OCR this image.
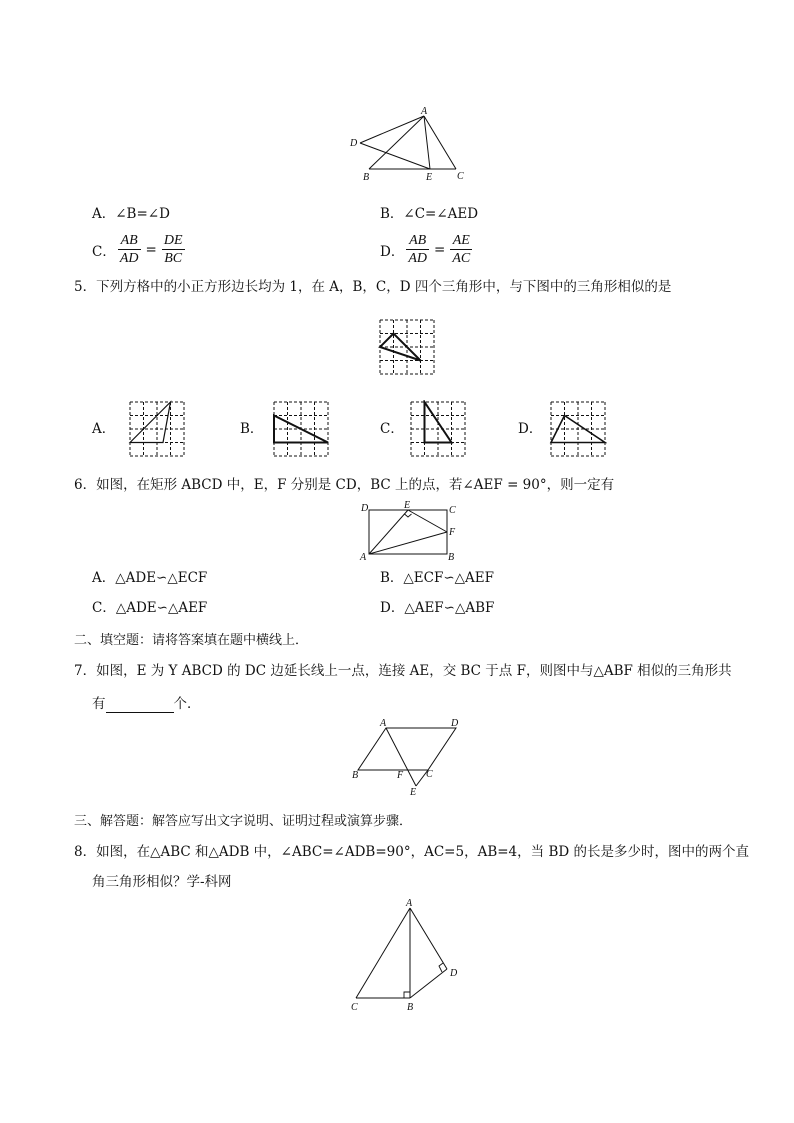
A
D
B	E C
A．∠B=∠D	B．∠C=∠AED
C． $\frac{AB}{AD} = \frac{DE}{BC}$	D． $\frac{AB}{AD} = \frac{AE}{AC}$
5．下列方格中的小正方形边长均为 1，在 A，B，C，D 四个三角形中，与下图中的三角形相似的是
A．	B．	C．	D．
6．如图，在矩形 ABCD 中，E，F 分别是 CD，BC 上的点，若∠AEF = 90°，则一定有
D	E	C
F
A	B
A．△ADE∽△ECF	B．△ECF∽△AEF
C．△ADE∽△AEF	D．△AEF∽△ABF
二、填空题：请将答案填在题中横线上．
7．如图，E 为 Y ABCD 的 DC 边延长线上一点，连接 AE，交 BC 于点 F，则图中与△ABF 相似的三角形共
有	个．
A	D
B	F C
E
三、解答题：解答应写出文字说明、证明过程或演算步骤．
8．如图，在△ABC 和△ADB 中，∠ABC=∠ADB=90°，AC=5，AB=4，当 BD 的长是多少时，图中的两个直
角三角形相似？学-科网
A
D
C	B
